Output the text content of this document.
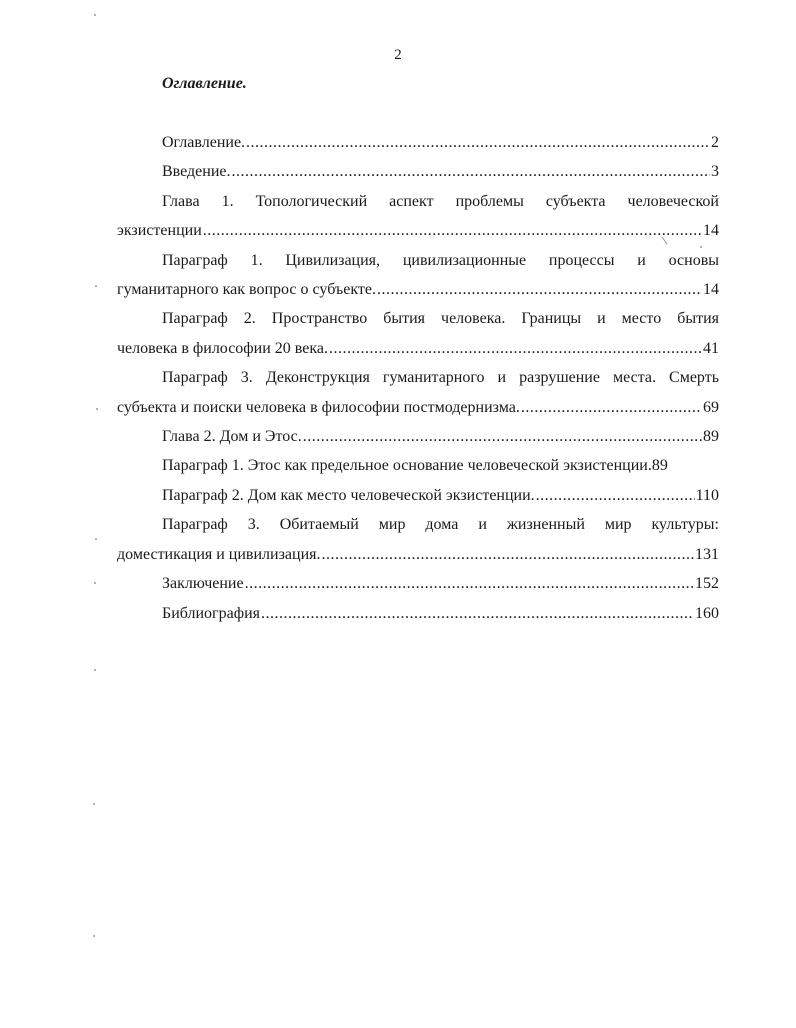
2
Оглавление.
Оглавление. .....	2
Введение. .....	3
Глава 1. Топологический аспект проблемы субъекта человеческой
экзистенции .....	14
Параграф 1. Цивилизация, цивилизационные процессы и основы
гуманитарного как вопрос о субъекте. .....	14
Параграф 2. Пространство бытия человека. Границы и место бытия
человека в философии 20 века. .....	41
Параграф 3. Деконструкция гуманитарного и разрушение места. Смерть
субъекта и поиски человека в философии постмодернизма. .....	69
Глава 2. Дом и Этос. .....	89
Параграф 1. Этос как предельное основание человеческой экзистенции. 89
Параграф 2. Дом как место человеческой экзистенции. .....	110
Параграф 3. Обитаемый мир дома и жизненный мир культуры:
доместикация и цивилизация. .....	131
Заключение .....	152
Библиография .....	160
